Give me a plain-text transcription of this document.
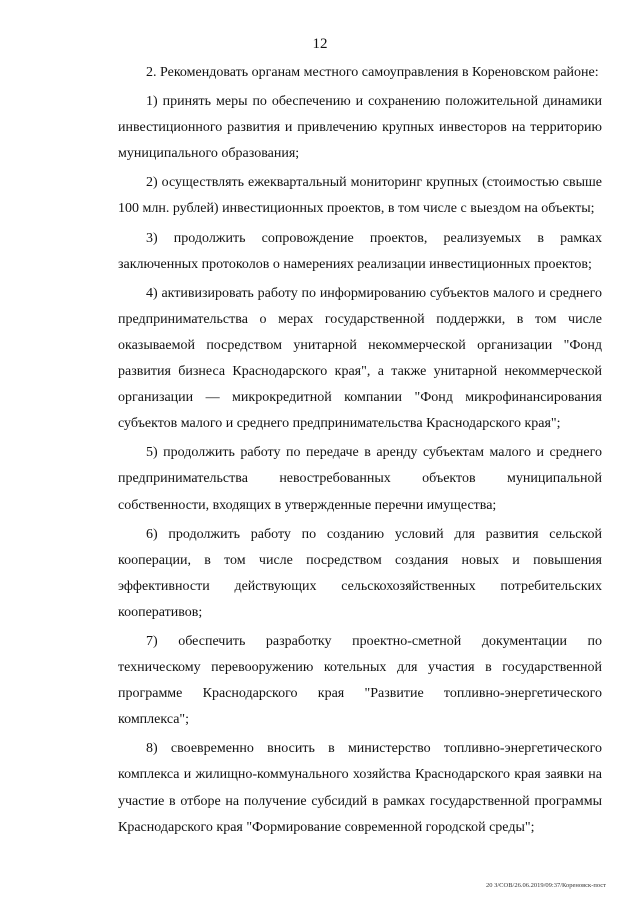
12

2. Рекомендовать органам местного самоуправления в Кореновском районе:

1) принять меры по обеспечению и сохранению положительной динамики инвестиционного развития и привлечению крупных инвесторов на территорию муниципального образования;

2) осуществлять ежеквартальный мониторинг крупных (стоимостью свыше 100 млн. рублей) инвестиционных проектов, в том числе с выездом на объекты;

3) продолжить сопровождение проектов, реализуемых в рамках заключенных протоколов о намерениях реализации инвестиционных проектов;

4) активизировать работу по информированию субъектов малого и среднего предпринимательства о мерах государственной поддержки, в том числе оказываемой посредством унитарной некоммерческой организации "Фонд развития бизнеса Краснодарского края", а также унитарной некоммерческой организации — микрокредитной компании "Фонд микрофинансирования субъектов малого и среднего предпринимательства Краснодарского края";

5) продолжить работу по передаче в аренду субъектам малого и среднего предпринимательства невостребованных объектов муниципальной собственности, входящих в утвержденные перечни имущества;

6) продолжить работу по созданию условий для развития сельской кооперации, в том числе посредством создания новых и повышения эффективности действующих сельскохозяйственных потребительских кооперативов;

7) обеспечить разработку проектно-сметной документации по техническому перевооружению котельных для участия в государственной программе Краснодарского края "Развитие топливно-энергетического комплекса";

8) своевременно вносить в министерство топливно-энергетического комплекса и жилищно-коммунального хозяйства Краснодарского края заявки на участие в отборе на получение субсидий в рамках государственной программы Краснодарского края "Формирование современной городской среды";

20 З/СОВ/26.06.2019/09:37/Кореновск-пост
